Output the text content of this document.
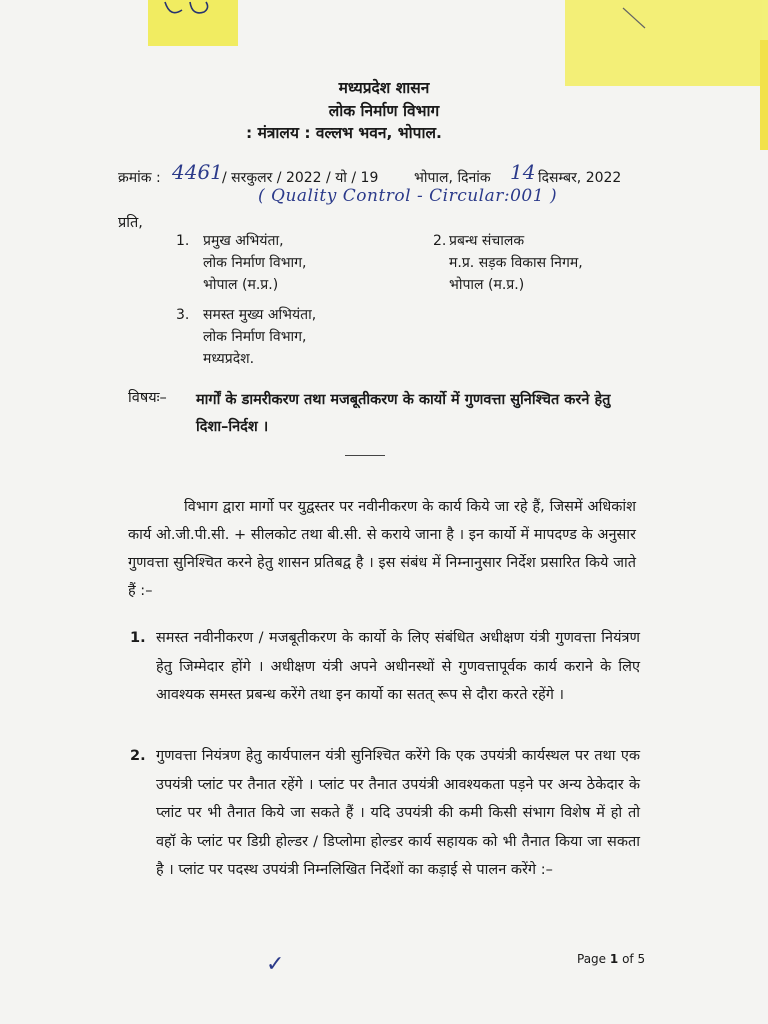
मध्यप्रदेश शासन
लोक निर्माण विभाग
: मंत्रालय : वल्लभ भवन, भोपाल.
क्रमांक : 4461 / सरकुलर / 2022 / यो / 19	भोपाल, दिनांक 14 दिसम्बर, 2022
( Quality Control - Circular:001 )
प्रति,
1. प्रमुख अभियंता,
लोक निर्माण विभाग,
भोपाल (म.प्र.)
2. प्रबन्ध संचालक
म.प्र. सड़क विकास निगम,
भोपाल (म.प्र.)
3. समस्त मुख्य अभियंता,
लोक निर्माण विभाग,
मध्यप्रदेश.
विषयः– मार्गों के डामरीकरण तथा मजबूतीकरण के कार्यो में गुणवत्ता सुनिश्चित करने हेतु दिशा–निर्दश ।
विभाग द्वारा मार्गो पर युद्वस्तर पर नवीनीकरण के कार्य किये जा रहे हैं, जिसमें अधिकांश कार्य ओ.जी.पी.सी. + सीलकोट तथा बी.सी. से कराये जाना है । इन कार्यो में मापदण्ड के अनुसार गुणवत्ता सुनिश्चित करने हेतु शासन प्रतिबद्व है । इस संबंध में निम्नानुसार निर्देश प्रसारित किये जाते हैं :–
1. समस्त नवीनीकरण / मजबूतीकरण के कार्यो के लिए संबंधित अधीक्षण यंत्री गुणवत्ता नियंत्रण हेतु जिम्मेदार होंगे । अधीक्षण यंत्री अपने अधीनस्थों से गुणवत्तापूर्वक कार्य कराने के लिए आवश्यक समस्त प्रबन्ध करेंगे तथा इन कार्यो का सतत् रूप से दौरा करते रहेंगे ।
2. गुणवत्ता नियंत्रण हेतु कार्यपालन यंत्री सुनिश्चित करेंगे कि एक उपयंत्री कार्यस्थल पर तथा एक उपयंत्री प्लांट पर तैनात रहेंगे । प्लांट पर तैनात उपयंत्री आवश्यकता पड़ने पर अन्य ठेकेदार के प्लांट पर भी तैनात किये जा सकते हैं । यदि उपयंत्री की कमी किसी संभाग विशेष में हो तो वहॉ के प्लांट पर डिग्री होल्डर / डिप्लोमा होल्डर कार्य सहायक को भी तैनात किया जा सकता है । प्लांट पर पदस्थ उपयंत्री निम्नलिखित निर्देशों का कड़ाई से पालन करेंगे :–
✓	Page 1 of 5
